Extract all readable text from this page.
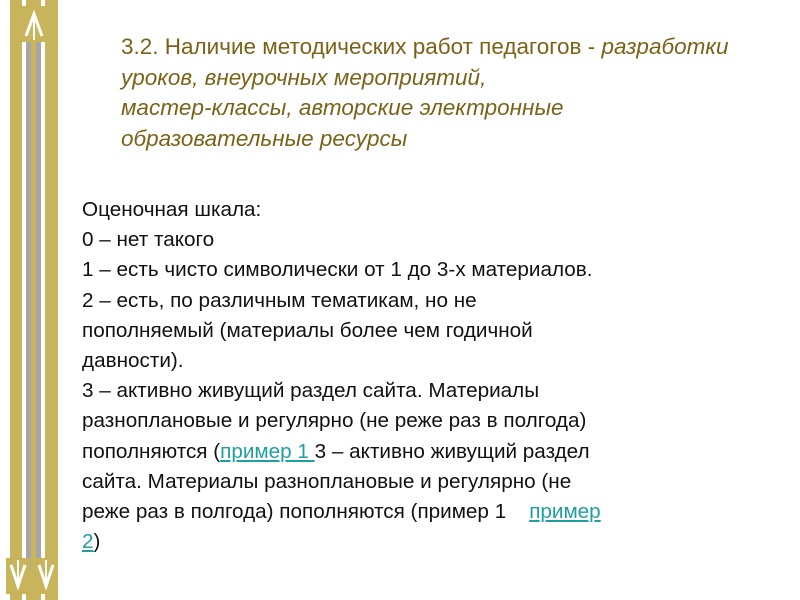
3.2. Наличие методических работ педагогов - разработки уроков, внеурочных мероприятий,
мастер-классы, авторские электронные
образовательные ресурсы

Оценочная шкала:
0 – нет такого
1 – есть чисто символически от 1 до 3-х материалов.
2 – есть, по различным тематикам, но не
пополняемый (материалы более чем годичной
давности).
3 – активно живущий раздел сайта. Материалы
разноплановые и регулярно (не реже раз в полгода)
пополняются (пример 1 3 – активно живущий раздел
сайта. Материалы разноплановые и регулярно (не
реже раз в полгода) пополняются (пример 1    пример
2)
